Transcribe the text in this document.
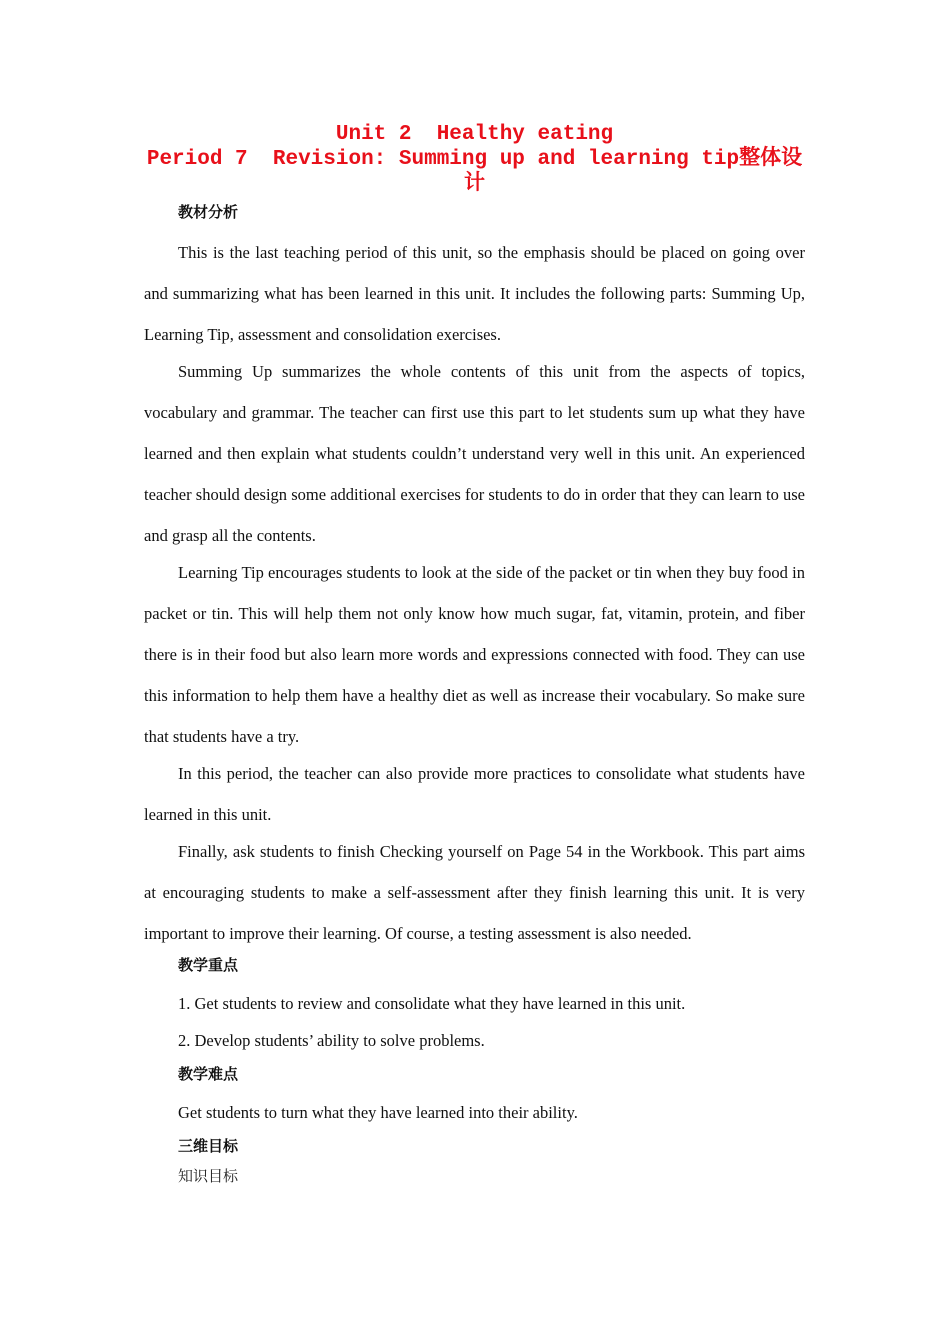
Unit 2  Healthy eating
Period 7  Revision: Summing up and learning tip整体设
计
教材分析

This is the last teaching period of this unit, so the emphasis should be placed on going over and summarizing what has been learned in this unit. It includes the following parts: Summing Up, Learning Tip, assessment and consolidation exercises.

Summing Up summarizes the whole contents of this unit from the aspects of topics, vocabulary and grammar. The teacher can first use this part to let students sum up what they have learned and then explain what students couldn’t understand very well in this unit. An experienced teacher should design some additional exercises for students to do in order that they can learn to use and grasp all the contents.

Learning Tip encourages students to look at the side of the packet or tin when they buy food in packet or tin. This will help them not only know how much sugar, fat, vitamin, protein, and fiber there is in their food but also learn more words and expressions connected with food. They can use this information to help them have a healthy diet as well as increase their vocabulary. So make sure that students have a try.

In this period, the teacher can also provide more practices to consolidate what students have learned in this unit.

Finally, ask students to finish Checking yourself on Page 54 in the Workbook. This part aims at encouraging students to make a self-assessment after they finish learning this unit. It is very important to improve their learning. Of course, a testing assessment is also needed.

教学重点
1. Get students to review and consolidate what they have learned in this unit.
2. Develop students’ ability to solve problems.
教学难点
Get students to turn what they have learned into their ability.
三维目标
知识目标
